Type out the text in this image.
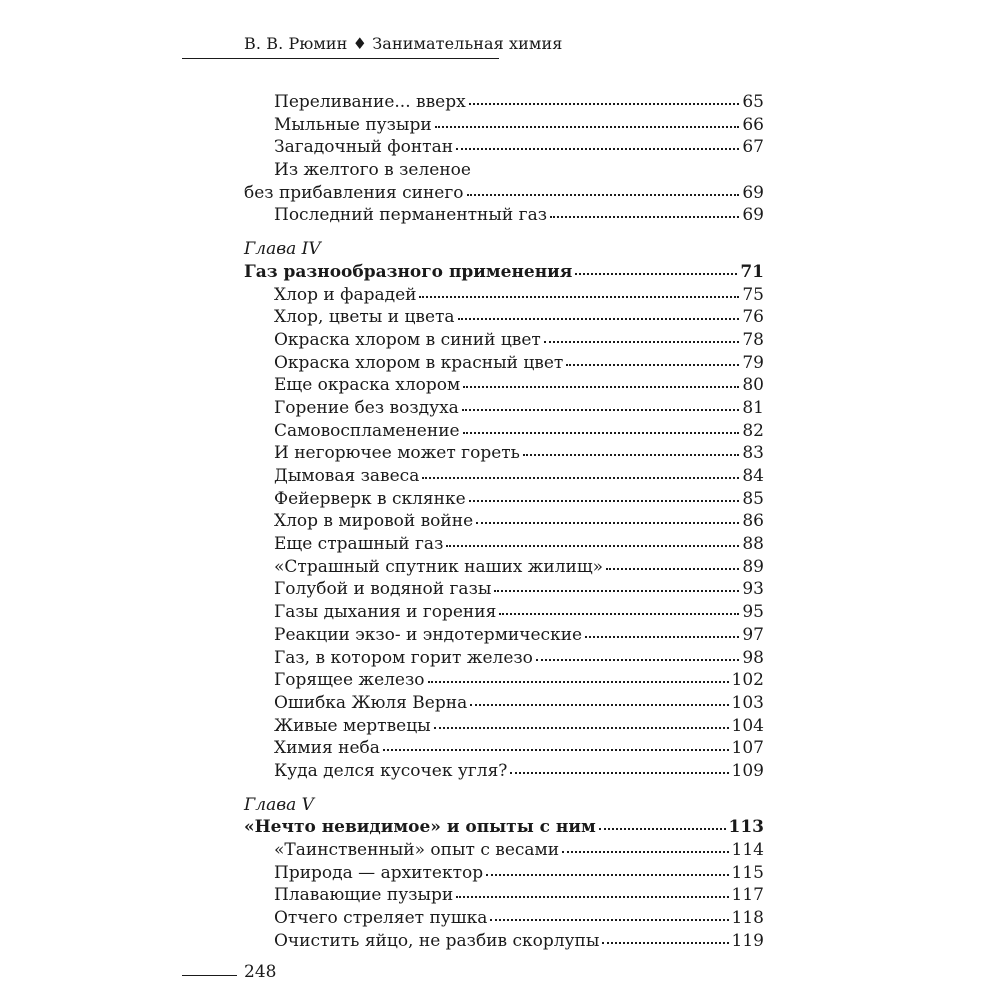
В. В. Рюмин ♦ Занимательная химия
Переливание... вверх	65
Мыльные пузыри	66
Загадочный фонтан	67
Из желтого в зеленое
без прибавления синего	69
Последний перманентный газ	69
Глава IV
Газ разнообразного применения	71
Хлор и фарадей	75
Хлор, цветы и цвета	76
Окраска хлором в синий цвет	78
Окраска хлором в красный цвет	79
Еще окраска хлором	80
Горение без воздуха	81
Самовоспламенение	82
И негорючее может гореть	83
Дымовая завеса	84
Фейерверк в склянке	85
Хлор в мировой войне	86
Еще страшный газ	88
«Страшный спутник наших жилищ»	89
Голубой и водяной газы	93
Газы дыхания и горения	95
Реакции экзо- и эндотермические	97
Газ, в котором горит железо	98
Горящее железо	102
Ошибка Жюля Верна	103
Живые мертвецы	104
Химия неба	107
Куда делся кусочек угля?	109
Глава V
«Нечто невидимое» и опыты с ним	113
«Таинственный» опыт с весами	114
Природа — архитектор	115
Плавающие пузыри	117
Отчего стреляет пушка	118
Очистить яйцо, не разбив скорлупы	119
248
